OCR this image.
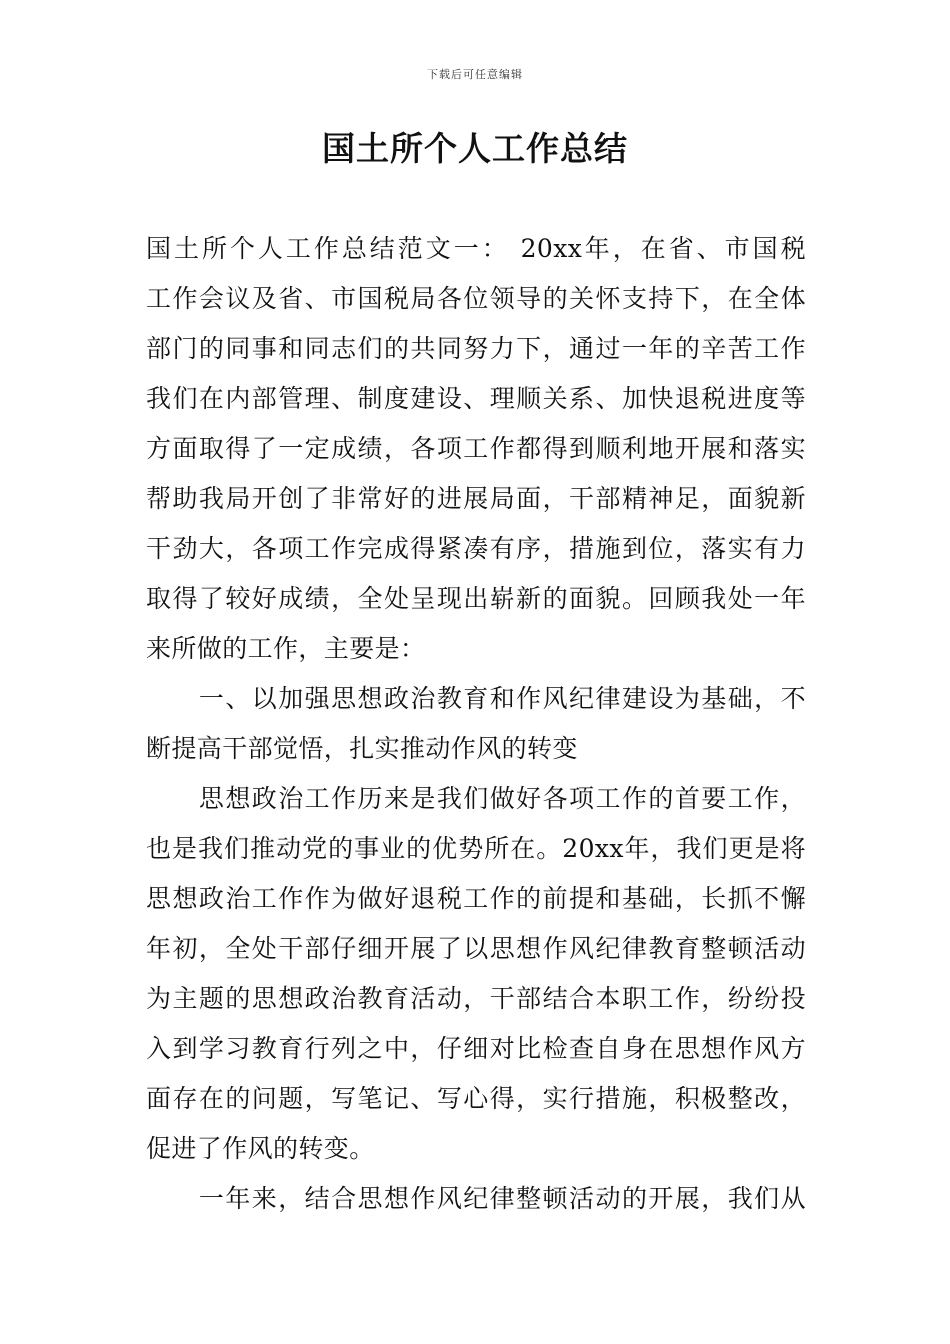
下载后可任意编辑
国土所个人工作总结
国土所个人工作总结范文一： 20xx年，在省、市国税
工作会议及省、市国税局各位领导的关怀支持下，在全体
部门的同事和同志们的共同努力下，通过一年的辛苦工作
我们在内部管理、制度建设、理顺关系、加快退税进度等
方面取得了一定成绩，各项工作都得到顺利地开展和落实
帮助我局开创了非常好的进展局面，干部精神足，面貌新
干劲大，各项工作完成得紧凑有序，措施到位，落实有力
取得了较好成绩，全处呈现出崭新的面貌。回顾我处一年
来所做的工作，主要是：
　　一、以加强思想政治教育和作风纪律建设为基础，不
断提高干部觉悟，扎实推动作风的转变
　　思想政治工作历来是我们做好各项工作的首要工作，
也是我们推动党的事业的优势所在。20xx年，我们更是将
思想政治工作作为做好退税工作的前提和基础，长抓不懈
年初，全处干部仔细开展了以思想作风纪律教育整顿活动
为主题的思想政治教育活动，干部结合本职工作，纷纷投
入到学习教育行列之中，仔细对比检查自身在思想作风方
面存在的问题，写笔记、写心得，实行措施，积极整改，
促进了作风的转变。
　　一年来，结合思想作风纪律整顿活动的开展，我们从
